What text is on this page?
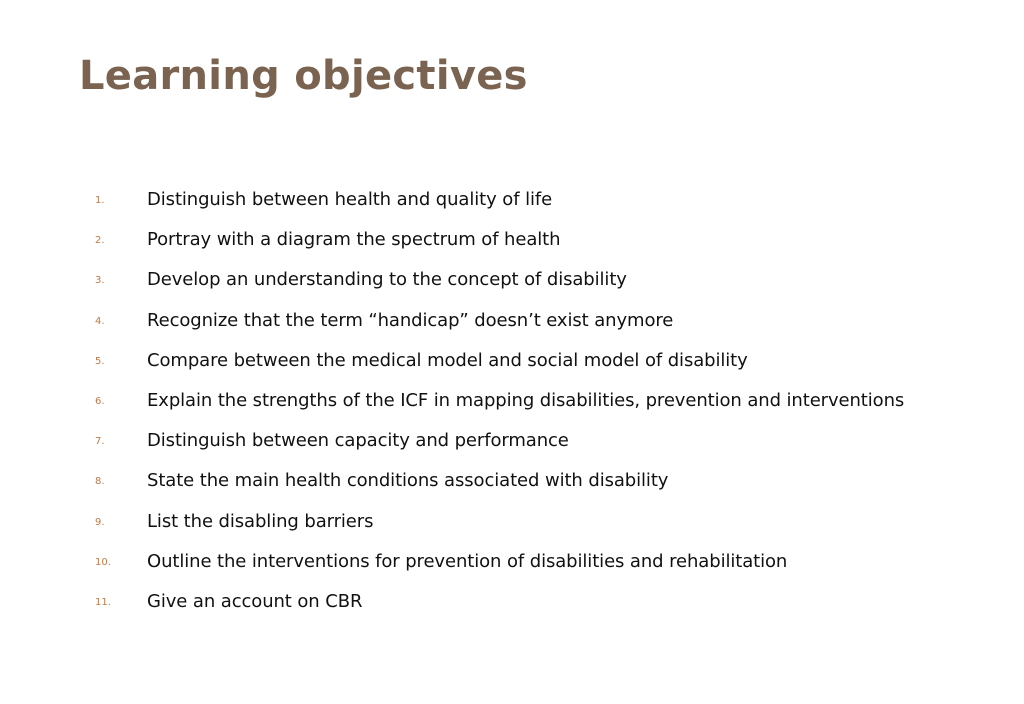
Learning objectives
1. Distinguish between health and quality of life
2. Portray with a diagram the spectrum of health
3. Develop an understanding to the concept of disability
4. Recognize that the term “handicap” doesn’t exist anymore
5. Compare between the medical model and social model of disability
6. Explain the strengths of the ICF in mapping disabilities, prevention and interventions
7. Distinguish between capacity and performance
8. State the main health conditions associated with disability
9. List the disabling barriers
10. Outline the interventions for prevention of disabilities and rehabilitation
11. Give an account on CBR
